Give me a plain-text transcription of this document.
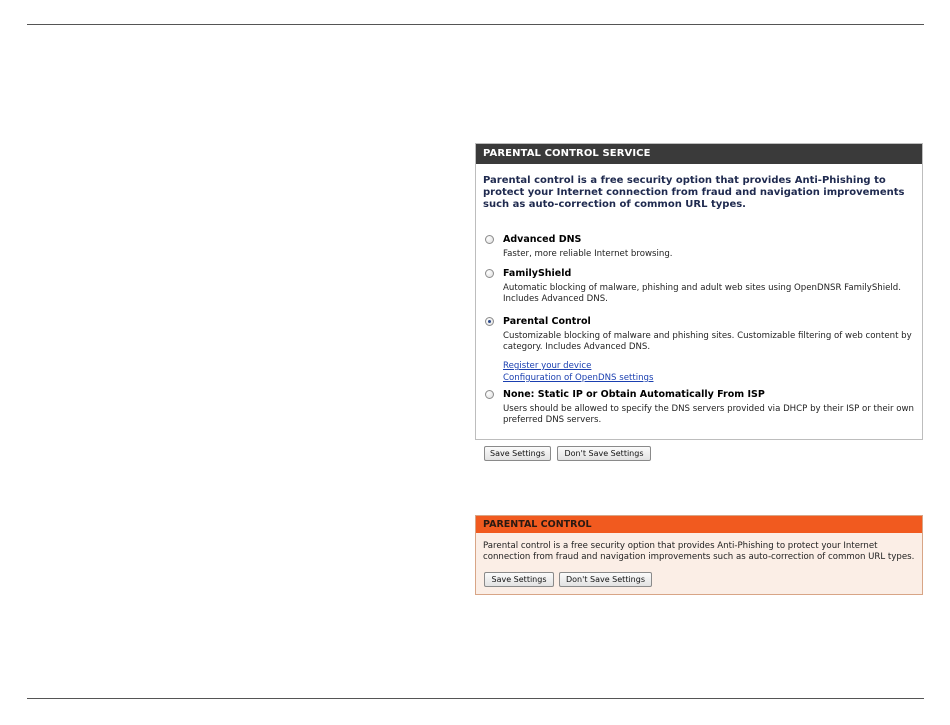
PARENTAL CONTROL SERVICE
Parental control is a free security option that provides Anti-Phishing to protect your Internet connection from fraud and navigation improvements such as auto-correction of common URL types.
Advanced DNS
Faster, more reliable Internet browsing.
FamilyShield
Automatic blocking of malware, phishing and adult web sites using OpenDNSR FamilyShield. Includes Advanced DNS.
Parental Control
Customizable blocking of malware and phishing sites. Customizable filtering of web content by category. Includes Advanced DNS.
Register your device
Configuration of OpenDNS settings
None: Static IP or Obtain Automatically From ISP
Users should be allowed to specify the DNS servers provided via DHCP by their ISP or their own preferred DNS servers.
Save Settings	Don't Save Settings
PARENTAL CONTROL
Parental control is a free security option that provides Anti-Phishing to protect your Internet connection from fraud and navigation improvements such as auto-correction of common URL types.
Save Settings	Don't Save Settings
